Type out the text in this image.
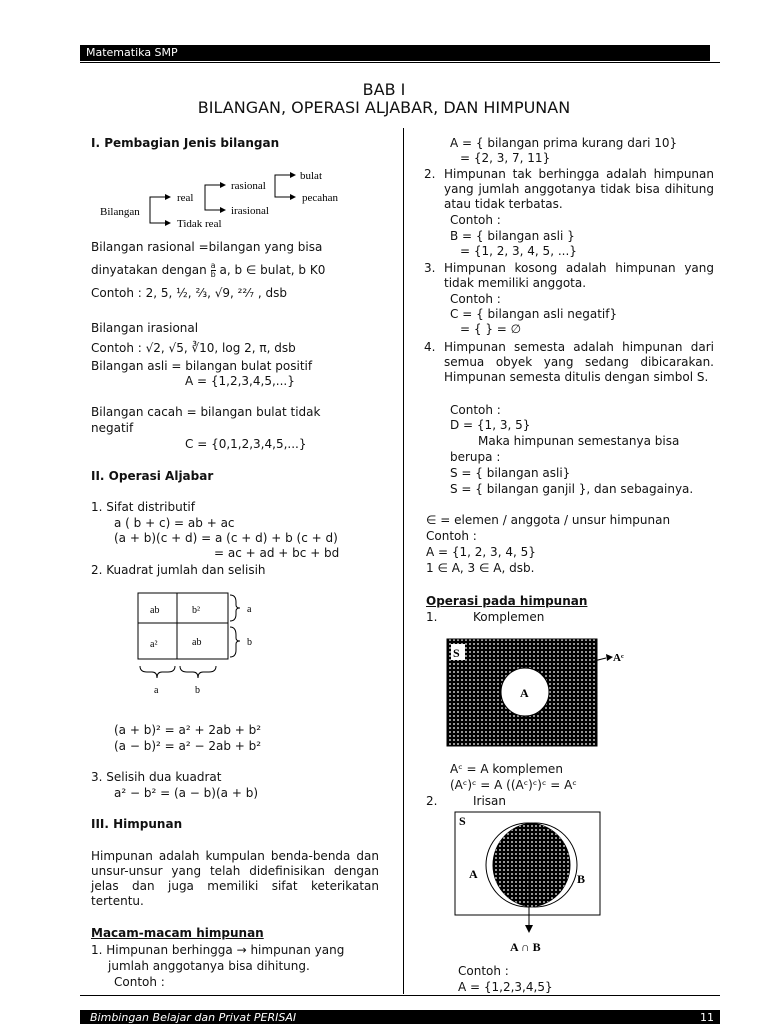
Matematika SMP
BAB I
BILANGAN, OPERASI ALJABAR, DAN HIMPUNAN
I. Pembagian Jenis bilangan
Bilangan
real
Tidak real
rasional
irasional
bulat
pecahan
Bilangan rasional =bilangan yang bisa
dinyatakan dengan $\frac{a}{b} a$, b ∈ bulat, b K0
Contoh : 2, 5, ½, ⅔, √9, ²²⁄₇ , dsb
Bilangan irasional
Contoh : √2, √5, ∛10, log 2, π, dsb
Bilangan asli = bilangan bulat positif
A = {1,2,3,4,5,...}
Bilangan cacah = bilangan bulat tidak
negatif
C = {0,1,2,3,4,5,...}
II. Operasi Aljabar
1. Sifat distributif
a ( b + c) = ab + ac
(a + b)(c + d) = a (c + d) + b (c + d)
= ac + ad + bc + bd
2. Kuadrat jumlah dan selisih
ab	b²
a²	ab
a
b
a	b
(a + b)² = a² + 2ab + b²
(a − b)² = a² − 2ab + b²
3. Selisih dua kuadrat
a² − b² = (a − b)(a + b)
III. Himpunan
Himpunan adalah kumpulan benda-benda dan unsur-unsur yang telah didefinisikan dengan jelas dan juga memiliki sifat keterikatan tertentu.
Macam-macam himpunan
1. Himpunan berhingga → himpunan yang
jumlah anggotanya bisa dihitung.
Contoh :
A = { bilangan prima kurang dari 10}
= {2, 3, 7, 11}
2. Himpunan tak berhingga adalah himpunan yang jumlah anggotanya tidak bisa dihitung atau tidak terbatas.
Contoh :
B = { bilangan asli }
= {1, 2, 3, 4, 5, ...}
3. Himpunan kosong adalah himpunan yang tidak memiliki anggota.
Contoh :
C = { bilangan asli negatif}
= { } = ∅
4. Himpunan semesta adalah himpunan dari semua obyek yang sedang dibicarakan. Himpunan semesta ditulis dengan simbol S.
Contoh :
D = {1, 3, 5}
Maka himpunan semestanya bisa
berupa :
S = { bilangan asli}
S = { bilangan ganjil }, dan sebagainya.
∈ = elemen / anggota / unsur himpunan
Contoh :
A = {1, 2, 3, 4, 5}
1 ∈ A, 3 ∈ A, dsb.
Operasi pada himpunan
1.	Komplemen
S
A
Aᶜ
Aᶜ = A komplemen
(Aᶜ)ᶜ = A ((Aᶜ)ᶜ)ᶜ = Aᶜ
2.	Irisan
S
A	B
A ∩ B
Contoh :
A = {1,2,3,4,5}
Bimbingan Belajar dan Privat PERISAI	11
